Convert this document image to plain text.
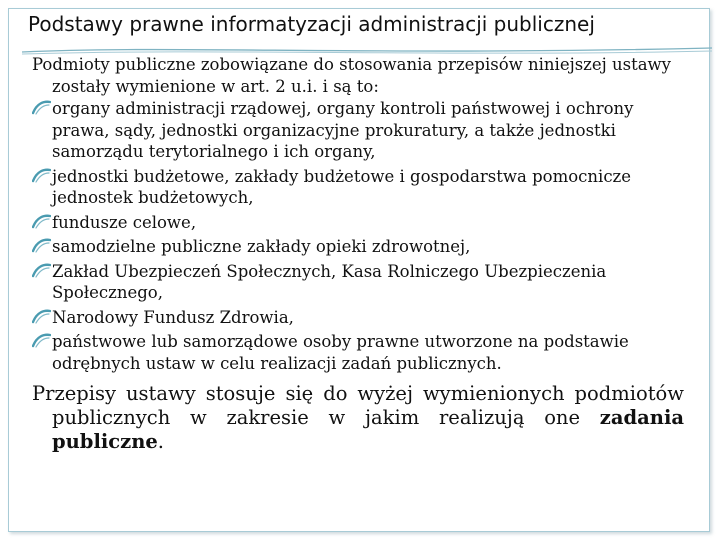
Podstawy prawne informatyzacji administracji publicznej

Podmioty publiczne zobowiązane do stosowania przepisów niniejszej ustawy zostały wymienione w art. 2 u.i. i są to:

organy administracji rządowej, organy kontroli państwowej i ochrony prawa, sądy, jednostki organizacyjne prokuratury, a także jednostki samorządu terytorialnego i ich organy,
jednostki budżetowe, zakłady budżetowe i gospodarstwa pomocnicze jednostek budżetowych,
fundusze celowe,
samodzielne publiczne zakłady opieki zdrowotnej,
Zakład Ubezpieczeń Społecznych, Kasa Rolniczego Ubezpieczenia Społecznego,
Narodowy Fundusz Zdrowia,
państwowe lub samorządowe osoby prawne utworzone na podstawie odrębnych ustaw w celu realizacji zadań publicznych.

Przepisy ustawy stosuje się do wyżej wymienionych podmiotów publicznych w zakresie w jakim realizują one zadania publiczne.
